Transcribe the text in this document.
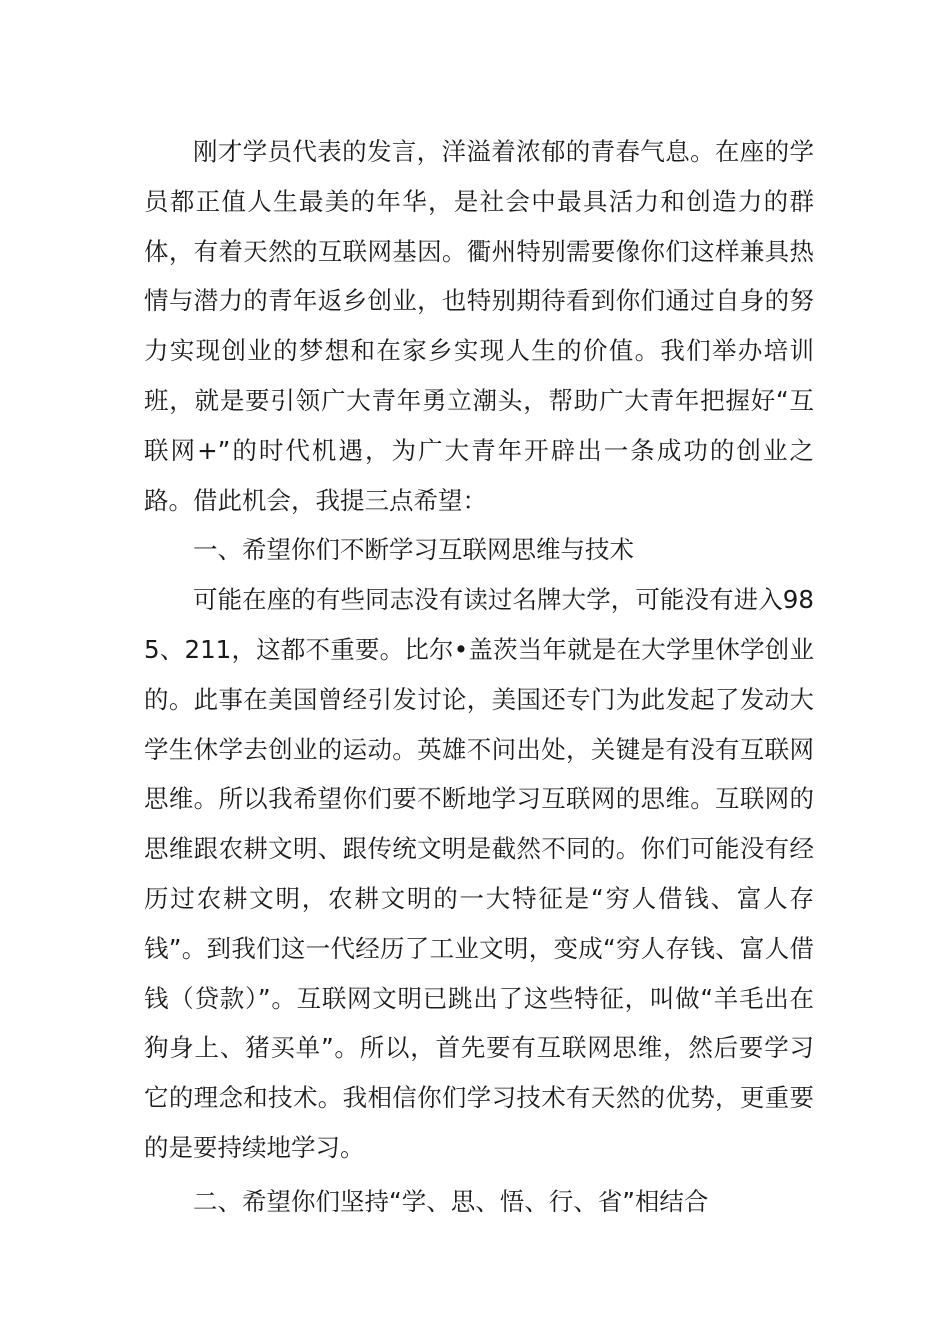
刚才学员代表的发言，洋溢着浓郁的青春气息。在座的学员都正值人生最美的年华，是社会中最具活力和创造力的群体，有着天然的互联网基因。衢州特别需要像你们这样兼具热情与潜力的青年返乡创业，也特别期待看到你们通过自身的努力实现创业的梦想和在家乡实现人生的价值。我们举办培训班，就是要引领广大青年勇立潮头，帮助广大青年把握好“互联网+”的时代机遇，为广大青年开辟出一条成功的创业之路。借此机会，我提三点希望：

一、希望你们不断学习互联网思维与技术

可能在座的有些同志没有读过名牌大学，可能没有进入985、211，这都不重要。比尔•盖茨当年就是在大学里休学创业的。此事在美国曾经引发讨论，美国还专门为此发起了发动大学生休学去创业的运动。英雄不问出处，关键是有没有互联网思维。所以我希望你们要不断地学习互联网的思维。互联网的思维跟农耕文明、跟传统文明是截然不同的。你们可能没有经历过农耕文明，农耕文明的一大特征是“穷人借钱、富人存钱”。到我们这一代经历了工业文明，变成“穷人存钱、富人借钱（贷款）”。互联网文明已跳出了这些特征，叫做“羊毛出在狗身上、猪买单”。所以，首先要有互联网思维，然后要学习它的理念和技术。我相信你们学习技术有天然的优势，更重要的是要持续地学习。

二、希望你们坚持“学、思、悟、行、省”相结合
